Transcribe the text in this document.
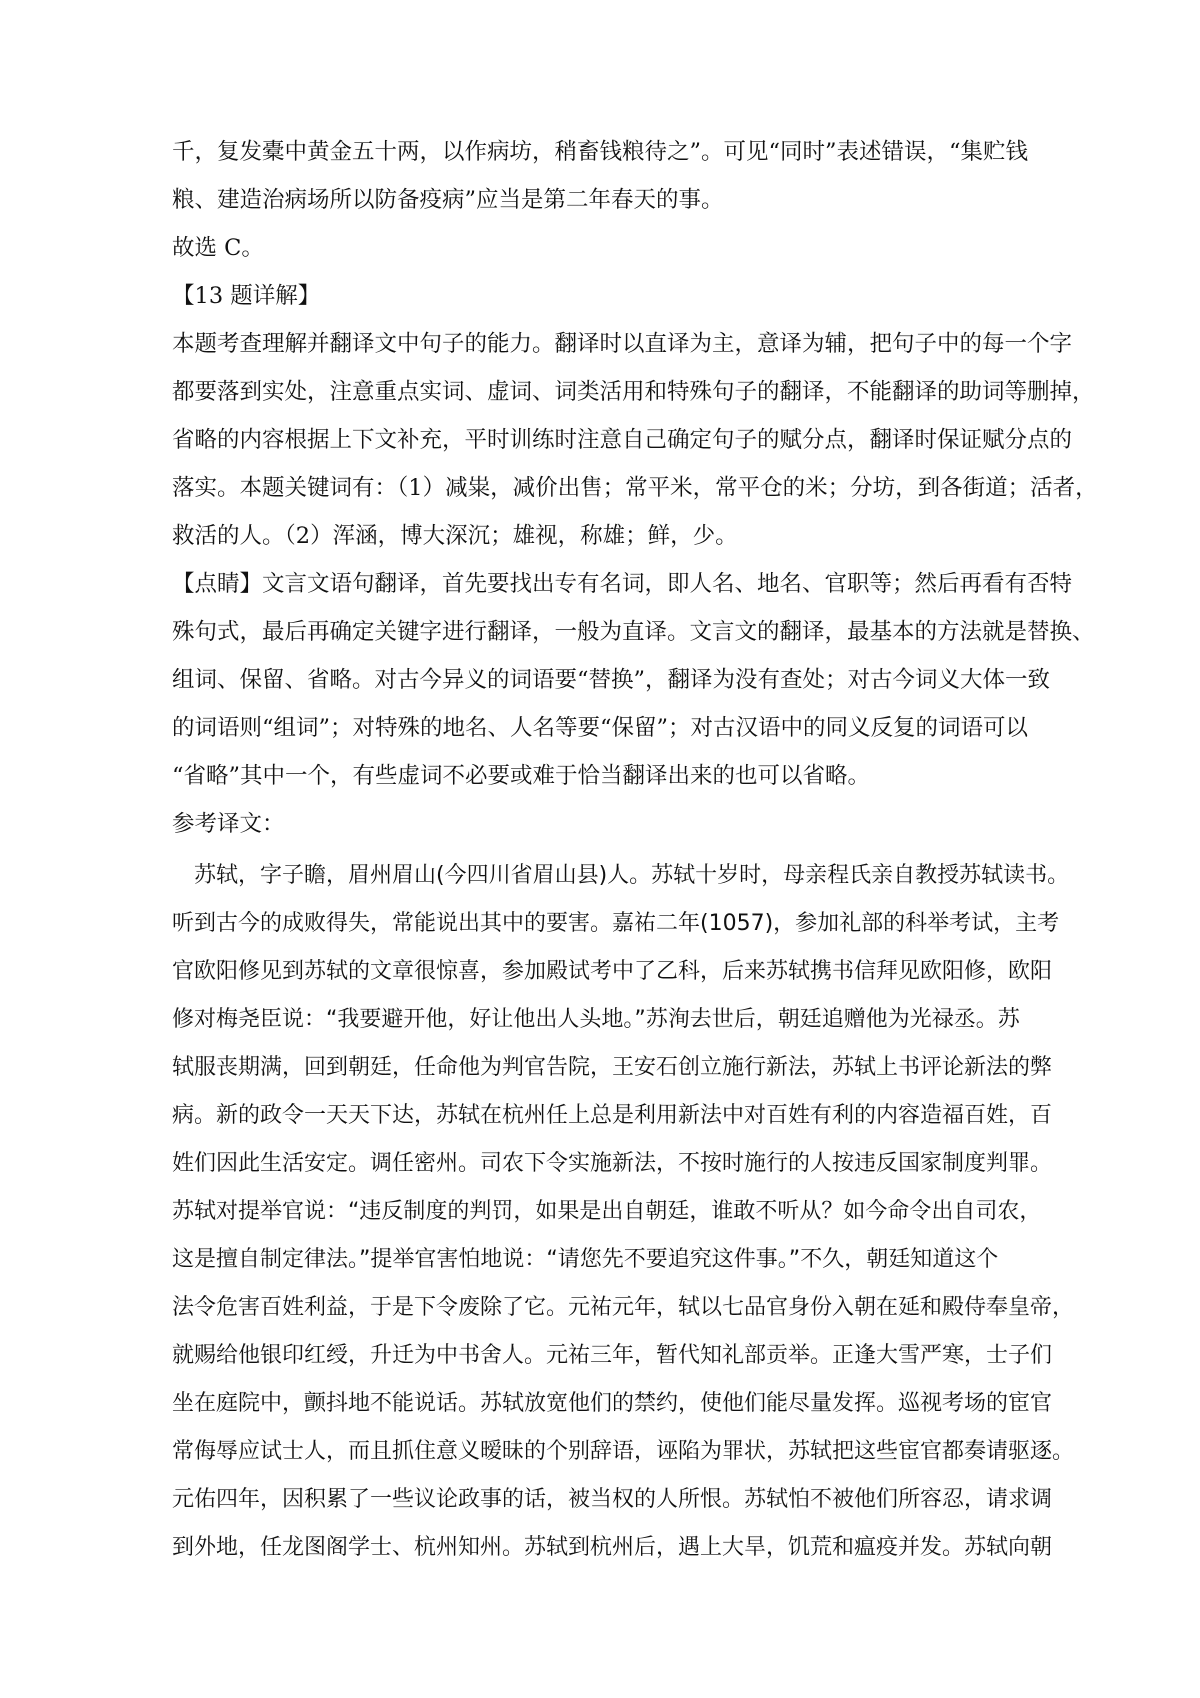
千，复发橐中黄金五十两，以作病坊，稍畜钱粮待之”。可见“同时”表述错误，“集贮钱
粮、建造治病场所以防备疫病”应当是第二年春天的事。
故选 C。
【13 题详解】
本题考查理解并翻译文中句子的能力。翻译时以直译为主，意译为辅，把句子中的每一个字
都要落到实处，注意重点实词、虚词、词类活用和特殊句子的翻译，不能翻译的助词等删掉，
省略的内容根据上下文补充，平时训练时注意自己确定句子的赋分点，翻译时保证赋分点的
落实。本题关键词有：（1）减粜，减价出售；常平米，常平仓的米；分坊，到各街道；活者，
救活的人。（2）浑涵，博大深沉；雄视，称雄；鲜，少。
【点睛】文言文语句翻译，首先要找出专有名词，即人名、地名、官职等；然后再看有否特
殊句式，最后再确定关键字进行翻译，一般为直译。文言文的翻译，最基本的方法就是替换、
组词、保留、省略。对古今异义的词语要“替换”，翻译为没有查处；对古今词义大体一致
的词语则“组词”；对特殊的地名、人名等要“保留”；对古汉语中的同义反复的词语可以
“省略”其中一个，有些虚词不必要或难于恰当翻译出来的也可以省略。
参考译文：
　苏轼，字子瞻，眉州眉山(今四川省眉山县)人。苏轼十岁时，母亲程氏亲自教授苏轼读书。
听到古今的成败得失，常能说出其中的要害。嘉祐二年(1057)，参加礼部的科举考试，主考
官欧阳修见到苏轼的文章很惊喜，参加殿试考中了乙科，后来苏轼携书信拜见欧阳修，欧阳
修对梅尧臣说：“我要避开他，好让他出人头地。”苏洵去世后，朝廷追赠他为光禄丞。苏
轼服丧期满，回到朝廷，任命他为判官告院，王安石创立施行新法，苏轼上书评论新法的弊
病。新的政令一天天下达，苏轼在杭州任上总是利用新法中对百姓有利的内容造福百姓，百
姓们因此生活安定。调任密州。司农下令实施新法，不按时施行的人按违反国家制度判罪。
苏轼对提举官说：“违反制度的判罚，如果是出自朝廷，谁敢不听从？如今命令出自司农，
这是擅自制定律法。”提举官害怕地说：“请您先不要追究这件事。”不久，朝廷知道这个
法令危害百姓利益，于是下令废除了它。元祐元年，轼以七品官身份入朝在延和殿侍奉皇帝，
就赐给他银印红绶，升迁为中书舍人。元祐三年，暂代知礼部贡举。正逢大雪严寒，士子们
坐在庭院中，颤抖地不能说话。苏轼放宽他们的禁约，使他们能尽量发挥。巡视考场的宦官
常侮辱应试士人，而且抓住意义暧昧的个别辞语，诬陷为罪状，苏轼把这些宦官都奏请驱逐。
元佑四年，因积累了一些议论政事的话，被当权的人所恨。苏轼怕不被他们所容忍，请求调
到外地，任龙图阁学士、杭州知州。苏轼到杭州后，遇上大旱，饥荒和瘟疫并发。苏轼向朝
